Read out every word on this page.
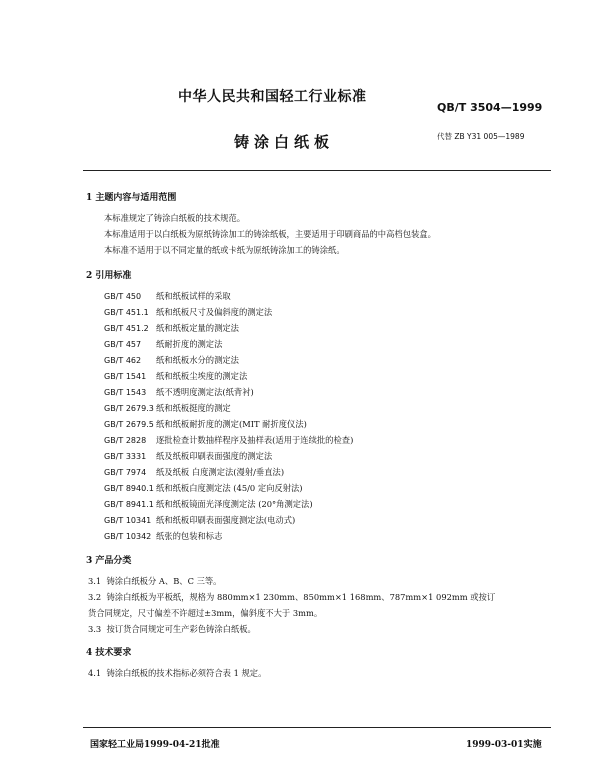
中华人民共和国轻工行业标准
QB/T 3504—1999
铸涂白纸板	代替 ZB Y31 005—1989
1 主题内容与适用范围
本标准规定了铸涂白纸板的技术规范。
本标准适用于以白纸板为原纸铸涂加工的铸涂纸板，主要适用于印刷商品的中高档包装盒。
本标准不适用于以不同定量的纸或卡纸为原纸铸涂加工的铸涂纸。
2 引用标准
GB/T 450 纸和纸板试样的采取
GB/T 451.1 纸和纸板尺寸及偏斜度的测定法
GB/T 451.2 纸和纸板定量的测定法
GB/T 457 纸耐折度的测定法
GB/T 462 纸和纸板水分的测定法
GB/T 1541 纸和纸板尘埃度的测定法
GB/T 1543 纸不透明度测定法(纸背衬)
GB/T 2679.3 纸和纸板挺度的测定
GB/T 2679.5 纸和纸板耐折度的测定(MIT 耐折度仪法)
GB/T 2828 逐批检查计数抽样程序及抽样表(适用于连续批的检查)
GB/T 3331 纸及纸板印刷表面强度的测定法
GB/T 7974 纸及纸板 白度测定法(漫射/垂直法)
GB/T 8940.1 纸和纸板白度测定法 (45/0 定向反射法)
GB/T 8941.1 纸和纸板镜面光泽度测定法 (20°角测定法)
GB/T 10341 纸和纸板印刷表面强度测定法(电动式)
GB/T 10342 纸张的包装和标志
3 产品分类
3.1 铸涂白纸板分 A、B、C 三等。
3.2 铸涂白纸板为平板纸，规格为 880mm×1 230mm、850mm×1 168mm、787mm×1 092mm 或按订
货合同规定，尺寸偏差不许超过±3mm，偏斜度不大于 3mm。
3.3 按订货合同规定可生产彩色铸涂白纸板。
4 技术要求
4.1 铸涂白纸板的技术指标必须符合表 1 规定。
国家轻工业局1999-04-21批准	1999-03-01实施
